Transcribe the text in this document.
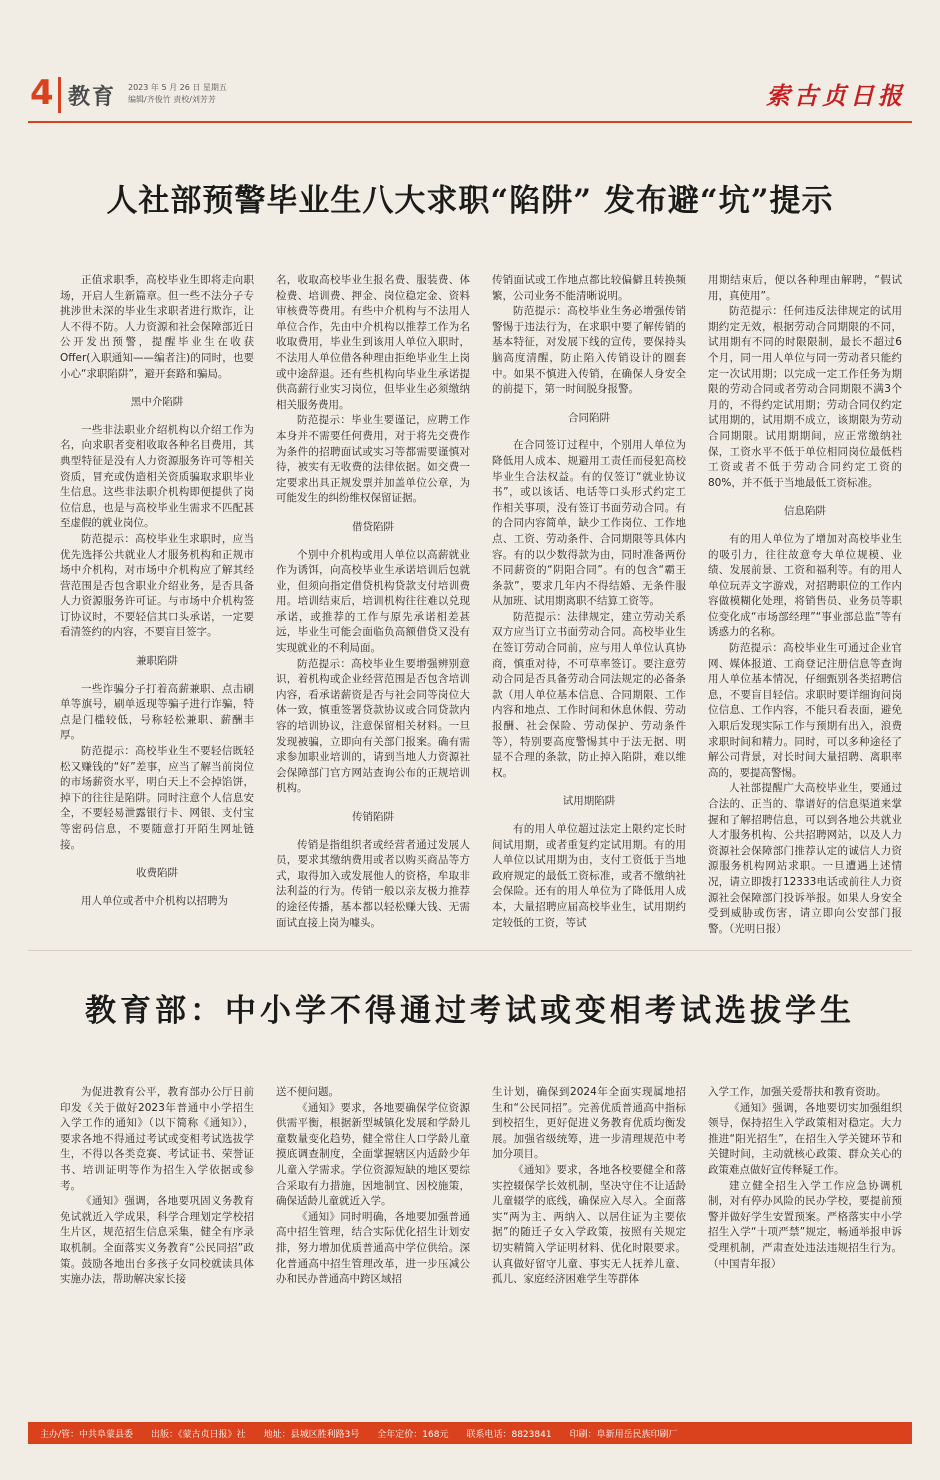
4 教育 2023 年 5 月 26 日 星期五
编辑/齐俊竹 责校/刘芳芳	索古贞日报
人社部预警毕业生八大求职“陷阱” 发布避“坑”提示

正值求职季，高校毕业生即将走向职场，开启人生新篇章。但一些不法分子专挑涉世未深的毕业生求职者进行欺诈，让人不得不防。人力资源和社会保障部近日公开发出预警，提醒毕业生在收获Offer(入职通知——编者注)的同时，也要小心“求职陷阱”，避开套路和骗局。

黑中介陷阱

一些非法职业介绍机构以介绍工作为名，向求职者变相收取各种名目费用，其典型特征是没有人力资源服务许可等相关资质，冒充或伪造相关资质骗取求职毕业生信息。这些非法职介机构即便提供了岗位信息，也是与高校毕业生需求不匹配甚至虚假的就业岗位。

防范提示：高校毕业生求职时，应当优先选择公共就业人才服务机构和正规市场中介机构，对市场中介机构应了解其经营范围是否包含职业介绍业务，是否具备人力资源服务许可证。与市场中介机构签订协议时，不要轻信其口头承诺，一定要看清签约的内容，不要盲目签字。

兼职陷阱

一些诈骗分子打着高薪兼职、点击刷单等旗号，刷单返现等骗子进行诈骗，特点是门槛较低，号称轻松兼职、薪酬丰厚。

防范提示：高校毕业生不要轻信既轻松又赚钱的“好”差事，应当了解当前岗位的市场薪资水平，明白天上不会掉馅饼，掉下的往往是陷阱。同时注意个人信息安全，不要轻易泄露银行卡、网银、支付宝等密码信息，不要随意打开陌生网址链接。

收费陷阱

用人单位或者中介机构以招聘为

名，收取高校毕业生报名费、服装费、体检费、培训费、押金、岗位稳定金、资料审核费等费用。有些中介机构与不法用人单位合作，先由中介机构以推荐工作为名收取费用，毕业生到该用人单位入职时，不法用人单位借各种理由拒绝毕业生上岗或中途辞退。还有些机构向毕业生承诺提供高薪行业实习岗位，但毕业生必须缴纳相关服务费用。

防范提示：毕业生要谨记，应聘工作本身并不需要任何费用，对于将先交费作为条件的招聘面试或实习等都需要谨慎对待，被实有无收费的法律依据。如交费一定要求出具正规发票并加盖单位公章，为可能发生的纠纷维权保留证据。

借贷陷阱

个别中介机构或用人单位以高薪就业作为诱饵，向高校毕业生承诺培训后包就业，但须向指定借贷机构贷款支付培训费用。培训结束后，培训机构往往难以兑现承诺，或推荐的工作与原先承诺相差甚远，毕业生可能会面临负高额借贷又没有实现就业的不利局面。

防范提示：高校毕业生要增强辨别意识，着机构或企业经营范围是否包含培训内容，看承诺薪资是否与社会同等岗位大体一致，慎重签署贷款协议或合同贷款内容的培训协议，注意保留相关材料。一旦发现被骗，立即向有关部门报案。确有需求参加职业培训的，请到当地人力资源社会保障部门官方网站查询公布的正规培训机构。

传销陷阱

传销是指组织者或经营者通过发展人员，要求其缴纳费用或者以购买商品等方式，取得加入或发展他人的资格，牟取非法利益的行为。传销一般以亲友极力推荐的途径传播，基本都以轻松赚大钱、无需面试直接上岗为噱头。

传销面试或工作地点都比较偏僻且转换频繁，公司业务不能清晰说明。

防范提示：高校毕业生务必增强传销警惕于违法行为，在求职中要了解传销的基本特征，对发展下线的宣传，要保持头脑高度清醒，防止陷入传销设计的圈套中。如果不慎进入传销，在确保人身安全的前提下，第一时间脱身报警。

合同陷阱

在合同签订过程中，个别用人单位为降低用人成本、规避用工责任而侵犯高校毕业生合法权益。有的仅签订“就业协议书”，或以该话、电话等口头形式约定工作相关事项，没有签订书面劳动合同。有的合同内容简单，缺少工作岗位、工作地点、工资、劳动条件、合同期限等具体内容。有的以少数得款为由，同时准备两份不同薪资的“阴阳合同”。有的包含“霸王条款”，要求几年内不得结婚、无条件服从加班、试用期离职不结算工资等。

防范提示：法律规定，建立劳动关系双方应当订立书面劳动合同。高校毕业生在签订劳动合同前，应与用人单位认真协商，慎重对待，不可草率签订。要注意劳动合同是否具备劳动合同法规定的必备条款（用人单位基本信息、合同期限、工作内容和地点、工作时间和休息休假、劳动报酬、社会保险、劳动保护、劳动条件等），特别要高度警惕其中于法无据、明显不合理的条款，防止掉入陷阱，难以维权。

试用期陷阱

有的用人单位超过法定上限约定长时间试用期，或者重复约定试用期。有的用人单位以试用期为由，支付工资低于当地政府规定的最低工资标准，或者不缴纳社会保险。还有的用人单位为了降低用人成本，大量招聘应届高校毕业生，试用期约定较低的工资，等试

用期结束后，便以各种理由解聘，“假试用，真使用”。

防范提示：任何违反法律规定的试用期约定无效，根据劳动合同期限的不同，试用期有不同的时限限制，最长不超过6个月，同一用人单位与同一劳动者只能约定一次试用期；以完成一定工作任务为期限的劳动合同或者劳动合同期限不满3个月的，不得约定试用期；劳动合同仅约定试用期的，试用期不成立，该期限为劳动合同期限。试用期期间，应正常缴纳社保，工资水平不低于单位相同岗位最低档工资或者不低于劳动合同约定工资的80%，并不低于当地最低工资标准。

信息陷阱

有的用人单位为了增加对高校毕业生的吸引力，往往故意夸大单位规模、业绩、发展前景、工资和福利等。有的用人单位玩弄文字游戏，对招聘职位的工作内容做模糊化处理，将销售员、业务员等职位变化成“市场部经理”“事业部总监”等有诱惑力的名称。

防范提示：高校毕业生可通过企业官网、媒体报道、工商登记注册信息等查询用人单位基本情况，仔细甄别各类招聘信息，不要盲目轻信。求职时要详细询问岗位信息、工作内容，不能只看表面，避免入职后发现实际工作与预期有出入，浪费求职时间和精力。同时，可以多种途径了解公司背景，对长时间大量招聘、离职率高的，要提高警惕。

人社部提醒广大高校毕业生，要通过合法的、正当的、靠谱好的信息渠道来掌握和了解招聘信息，可以到各地公共就业人才服务机构、公共招聘网站，以及人力资源社会保障部门推荐认定的诚信人力资源服务机构网站求职。一旦遭遇上述情况，请立即拨打12333电话或前往人力资源社会保障部门投诉举报。如果人身安全受到威胁或伤害，请立即向公安部门报警。（光明日报）

教育部：中小学不得通过考试或变相考试选拔学生

为促进教育公平，教育部办公厅日前印发《关于做好2023年普通中小学招生入学工作的通知》（以下简称《通知》），要求各地不得通过考试或变相考试选拔学生，不得以各类竞赛、考试证书、荣誉证书、培训证明等作为招生入学依据或参考。

《通知》强调，各地要巩固义务教育免试就近入学成果，科学合理划定学校招生片区，规范招生信息采集，健全有序录取机制。全面落实义务教育“公民同招”政策。鼓励各地出台多孩子女同校就读具体实施办法，帮助解决家长接

送不便问题。

《通知》要求，各地要确保学位资源供需平衡，根据新型城镇化发展和学龄儿童数量变化趋势，健全常住人口学龄儿童摸底调查制度，全面掌握辖区内适龄少年儿童入学需求。学位资源短缺的地区要综合采取有力措施，因地制宜、因校施策，确保适龄儿童就近入学。

《通知》同时明确，各地要加强普通高中招生管理，结合实际优化招生计划安排，努力增加优质普通高中学位供给。深化普通高中招生管理改革，进一步压减公办和民办普通高中跨区域招

生计划，确保到2024年全面实现属地招生和“公民同招”。完善优质普通高中指标到校招生，更好促进义务教育优质均衡发展。加强省级统筹，进一步清理规范中考加分项目。

《通知》要求，各地各校要健全和落实控辍保学长效机制，坚决守住不让适龄儿童辍学的底线，确保应入尽入。全面落实“两为主、两纳入、以居住证为主要依据”的随迁子女入学政策，按照有关规定切实精简入学证明材料、优化时限要求。认真做好留守儿童、事实无人抚养儿童、孤儿、家庭经济困难学生等群体

入学工作，加强关爱帮扶和教育资助。

《通知》强调，各地要切实加强组织领导，保持招生入学政策相对稳定。大力推进“阳光招生”，在招生入学关键环节和关键时间，主动就核心政策、群众关心的政策难点做好宣传释疑工作。

建立健全招生入学工作应急协调机制，对有停办风险的民办学校，要提前预警并做好学生安置预案。严格落实中小学招生入学“十项严禁”规定，畅通举报申诉受理机制，严肃查处违法违规招生行为。 （中国青年报）

主办/管：中共阜蒙县委 出版：《蒙古贞日报》社 地址：县城区胜利路3号 全年定价：168元 联系电话：8823841 印刷：阜新用岳民族印刷厂
